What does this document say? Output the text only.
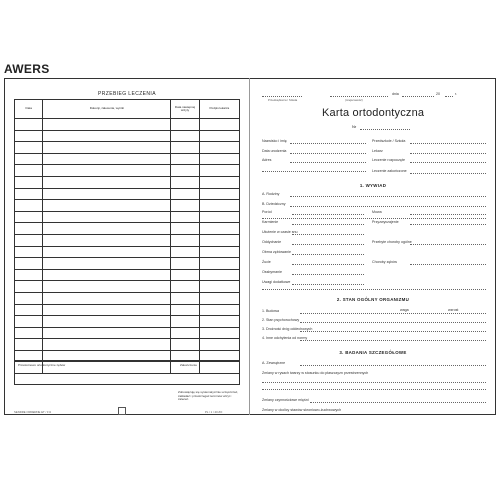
AWERS
PRZEBIEG LECZENIA
Data	Dokonji, zalecenia, wyniki	Data nastepnej wizyty	Podpis lekarza

Przeslotnowo ortodontyczne zębów	Zakończenie
Zobowiązuję się systematycznie uczęszczać, zakładać i przestrzegać terminów wizyt i zaleceń
SENDRE ORDERNE ET / 1%	PL / 1 / 40 ZO
Przedsiębiorca / Szkoła	(miejscowość)
dnia	20	r.
Karta ortodontyczna
Nr
Nazwisko i imię
Data urodzenia
Adres
Przedszkole / Szkoła
Lekarz
Leczenie rozpoczęte
Leczenie zakończone
1. WYWIAD
A. Rodziny
B. Dziedziczny
Poród
Karmienie
Ułożenie w czasie snu
Oddychanie
Obrna zębiowanie
Żucie
Ossbymanie
Uwagi dodatkowe
Mowa
Przyzwyczajenie
Przebyte choroby ogólne
Choroby zębów
2. STAN OGÓLNY ORGANIZMU
1. Budowa
2. Stan psychoruchowy
3. Drożność dróg oddechowych
4. Inne odchylenia od normy
waga	wzrost
3. BADANIA SZCZEGÓŁOWE
A. Zewnątrzne
Zmiany w rysach twarzy w stosunku do płaszczyzn przestrzennych
Zmiany czynnościowe mięśni
Zmiany w okolicy stawów skroniowo-żuchwowych
